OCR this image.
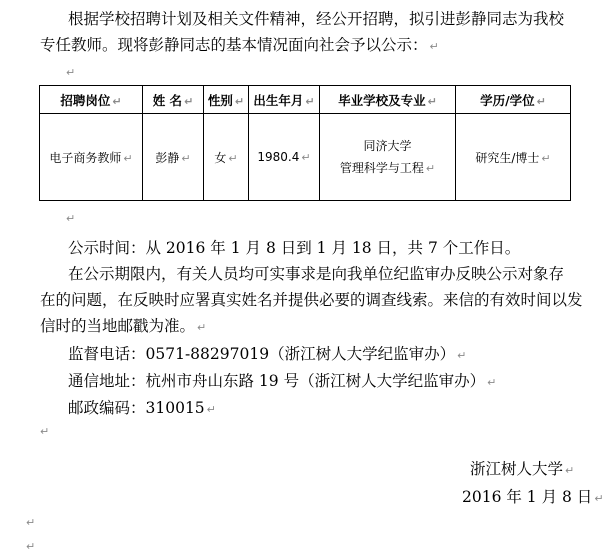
根据学校招聘计划及相关文件精神，经公开招聘，拟引进彭静同志为我校
专任教师。现将彭静同志的基本情况面向社会予以公示： ↵
↵
招聘岗位 ↵	姓 名 ↵	性别 ↵	出生年月 ↵	毕业学校及专业 ↵	学历/学位 ↵
电子商务教师 ↵	彭静 ↵	女 ↵	1980.4 ↵	同济大学
管理科学与工程 ↵	研究生/博士 ↵
↵
公示时间：从 2016 年 1 月 8 日到 1 月 18 日，共 7 个工作日。
在公示期限内，有关人员均可实事求是向我单位纪监审办反映公示对象存
在的问题，在反映时应署真实姓名并提供必要的调查线索。来信的有效时间以发
信时的当地邮戳为准。 ↵
监督电话：0571-88297019（浙江树人大学纪监审办） ↵
通信地址：杭州市舟山东路 19 号（浙江树人大学纪监审办） ↵
邮政编码：310015 ↵
↵
浙江树人大学 ↵
2016 年 1 月 8 日 ↵
↵
↵
